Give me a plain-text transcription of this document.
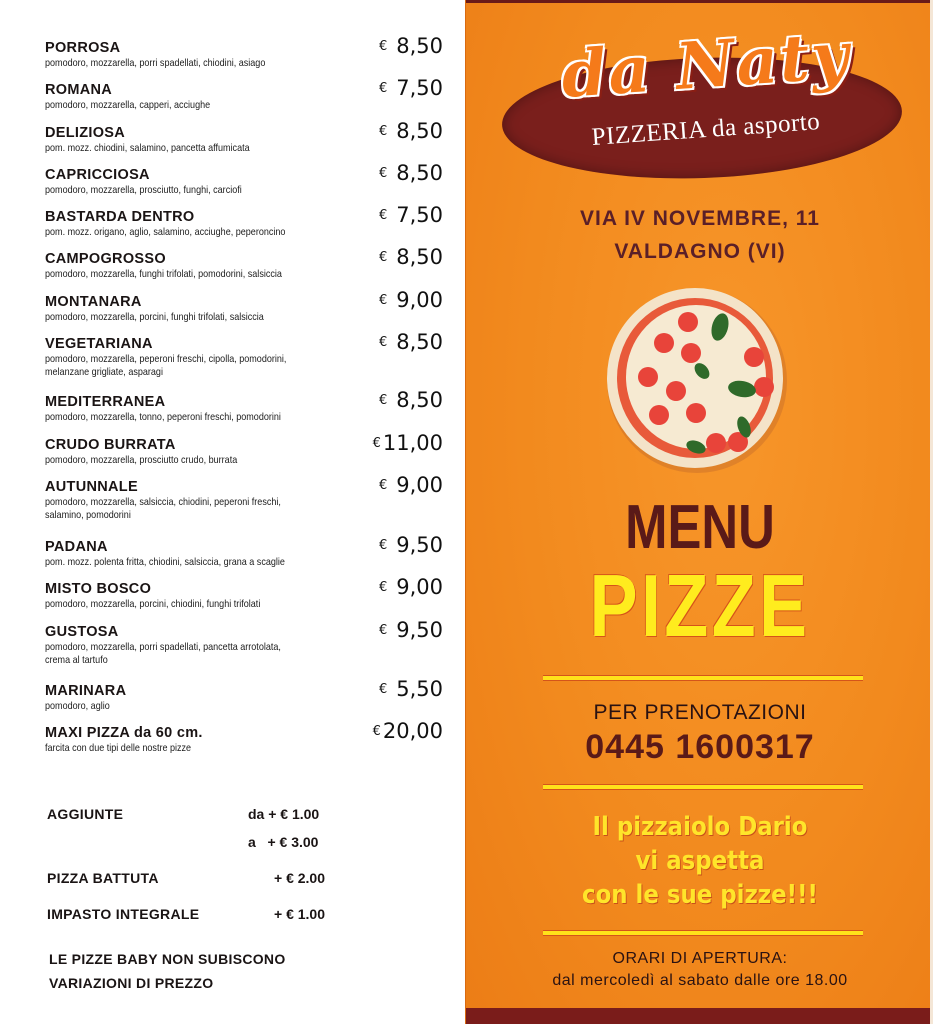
PORROSA
pomodoro, mozzarella, porri spadellati, chiodini, asiago
€ 8,50
ROMANA
pomodoro, mozzarella, capperi, acciughe
€ 7,50
DELIZIOSA
pom. mozz. chiodini, salamino, pancetta affumicata
€ 8,50
CAPRICCIOSA
pomodoro, mozzarella, prosciutto, funghi, carciofi
€ 8,50
BASTARDA DENTRO
pom. mozz. origano, aglio, salamino, acciughe, peperoncino
€ 7,50
CAMPOGROSSO
pomodoro, mozzarella, funghi trifolati, pomodorini, salsiccia
€ 8,50
MONTANARA
pomodoro, mozzarella, porcini, funghi trifolati, salsiccia
€ 9,00
VEGETARIANA
pomodoro, mozzarella, peperoni freschi, cipolla, pomodorini,
melanzane grigliate, asparagi
€ 8,50
MEDITERRANEA
pomodoro, mozzarella, tonno, peperoni freschi, pomodorini
€ 8,50
CRUDO BURRATA
pomodoro, mozzarella, prosciutto crudo, burrata
€11,00
AUTUNNALE
pomodoro, mozzarella, salsiccia, chiodini, peperoni freschi,
salamino, pomodorini
€ 9,00
PADANA
pom. mozz. polenta fritta, chiodini, salsiccia, grana a scaglie
€ 9,50
MISTO BOSCO
pomodoro, mozzarella, porcini, chiodini, funghi trifolati
€ 9,00
GUSTOSA
pomodoro, mozzarella, porri spadellati, pancetta arrotolata,
crema al tartufo
€ 9,50
MARINARA
pomodoro, aglio
€ 5,50
MAXI PIZZA da 60 cm.
farcita con due tipi delle nostre pizze
€20,00
AGGIUNTE	da + € 1.00
a   + € 3.00
PIZZA BATTUTA	+ € 2.00
IMPASTO INTEGRALE	+ € 1.00
LE PIZZE BABY NON SUBISCONO
VARIAZIONI DI PREZZO
da Naty
PIZZERIA da asporto
VIA IV NOVEMBRE, 11
VALDAGNO (VI)
MENU
PIZZE
PER PRENOTAZIONI
0445 1600317
Il pizzaiolo Dario
vi aspetta
con le sue pizze!!!
ORARI DI APERTURA:
dal mercoledì al sabato dalle ore 18.00
